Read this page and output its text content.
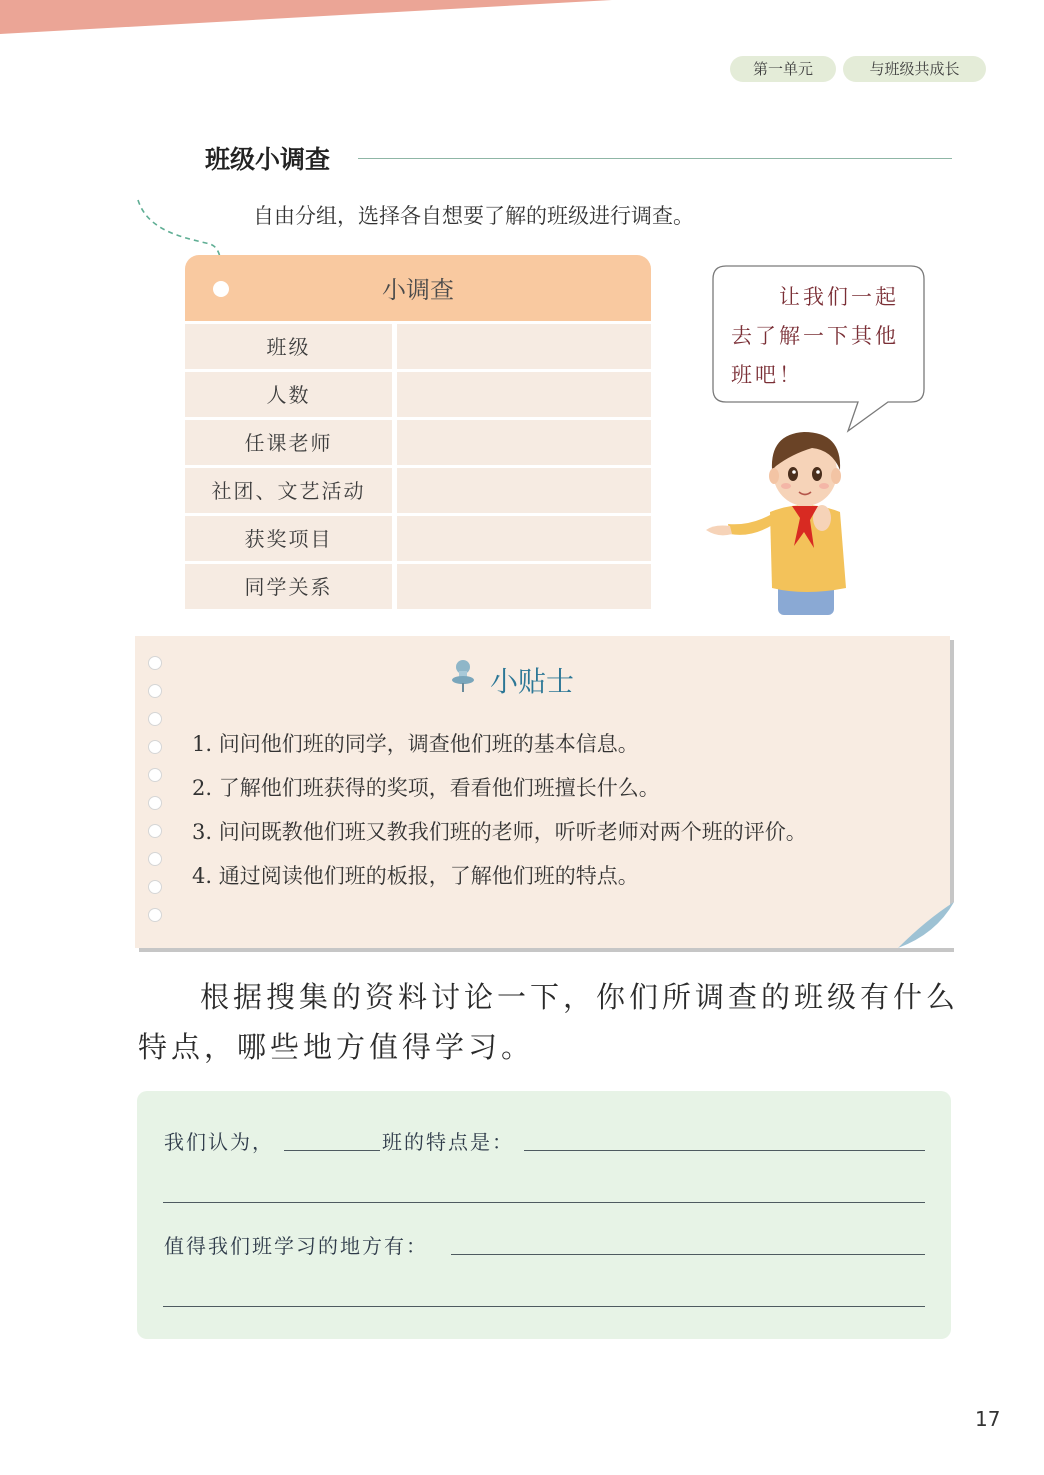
第一单元	与班级共成长
班级小调查
自由分组，选择各自想要了解的班级进行调查。
小调查
班级
人数
任课老师
社团、文艺活动
获奖项目
同学关系
让我们一起
去了解一下其他
班吧！
小贴士
1. 问问他们班的同学，调查他们班的基本信息。
2. 了解他们班获得的奖项，看看他们班擅长什么。
3. 问问既教他们班又教我们班的老师，听听老师对两个班的评价。
4. 通过阅读他们班的板报，了解他们班的特点。
根据搜集的资料讨论一下，你们所调查的班级有什么
特点，哪些地方值得学习。
我们认为，	班的特点是：
值得我们班学习的地方有：
17
